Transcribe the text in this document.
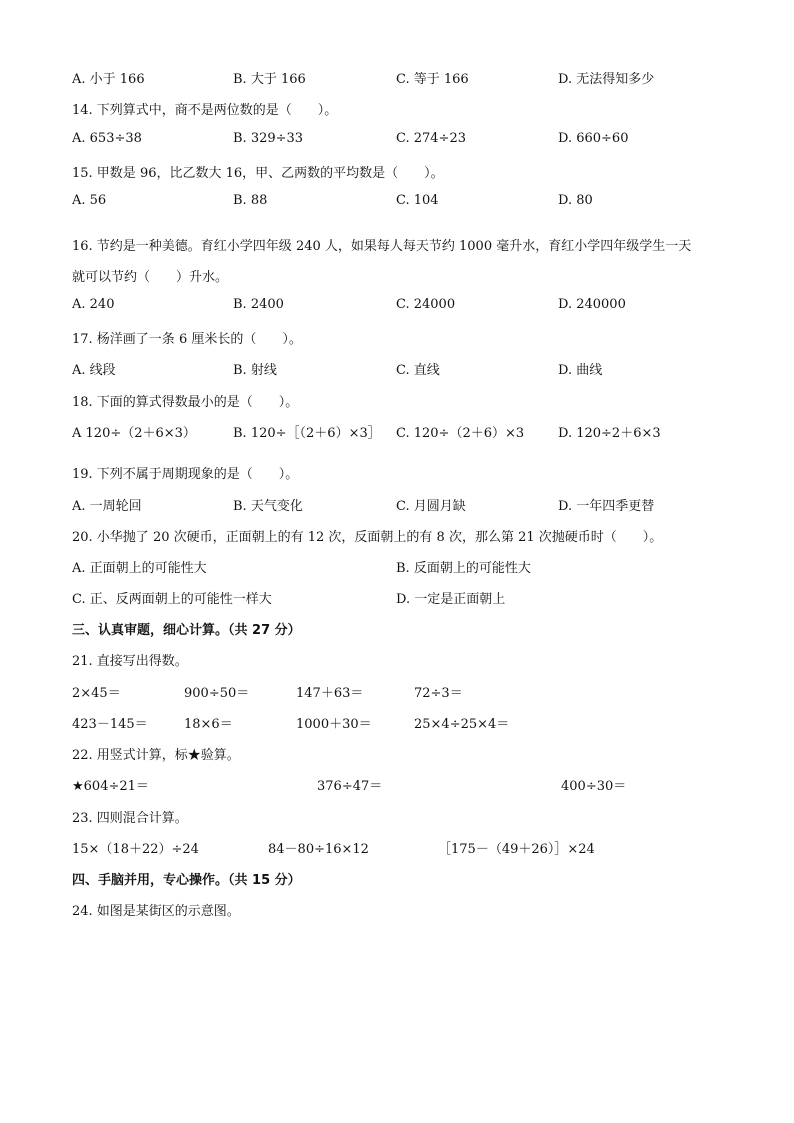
A. 小于 166	B. 大于 166	C. 等于 166	D. 无法得知多少
14. 下列算式中，商不是两位数的是（　　）。
A. 653÷38	B. 329÷33	C. 274÷23	D. 660÷60
15. 甲数是 96，比乙数大 16，甲、乙两数的平均数是（　　）。
A. 56	B. 88	C. 104	D. 80
16. 节约是一种美德。育红小学四年级 240 人，如果每人每天节约 1000 毫升水，育红小学四年级学生一天
就可以节约（　　）升水。
A. 240	B. 2400	C. 24000	D. 240000
17. 杨洋画了一条 6 厘米长的（　　）。
A. 线段	B. 射线	C. 直线	D. 曲线
18. 下面的算式得数最小的是（　　）。
A 120÷（2＋6×3）	B. 120÷［（2＋6）×3］ C. 120÷（2＋6）×3	D. 120÷2＋6×3
19. 下列不属于周期现象的是（　　）。
A. 一周轮回	B. 天气变化	C. 月圆月缺	D. 一年四季更替
20. 小华抛了 20 次硬币，正面朝上的有 12 次，反面朝上的有 8 次，那么第 21 次抛硬币时（　　）。
A. 正面朝上的可能性大	B. 反面朝上的可能性大
C. 正、反两面朝上的可能性一样大	D. 一定是正面朝上
三、认真审题，细心计算。（共 27 分）
21. 直接写出得数。
2×45＝	900÷50＝	147＋63＝	72÷3＝
423－145＝	18×6＝	1000＋30＝	25×4÷25×4＝
22. 用竖式计算，标★验算。
★604÷21＝	376÷47＝	400÷30＝
23. 四则混合计算。
15×（18＋22）÷24	84－80÷16×12	［175－（49＋26）］×24
四、手脑并用，专心操作。（共 15 分）
24. 如图是某街区的示意图。
